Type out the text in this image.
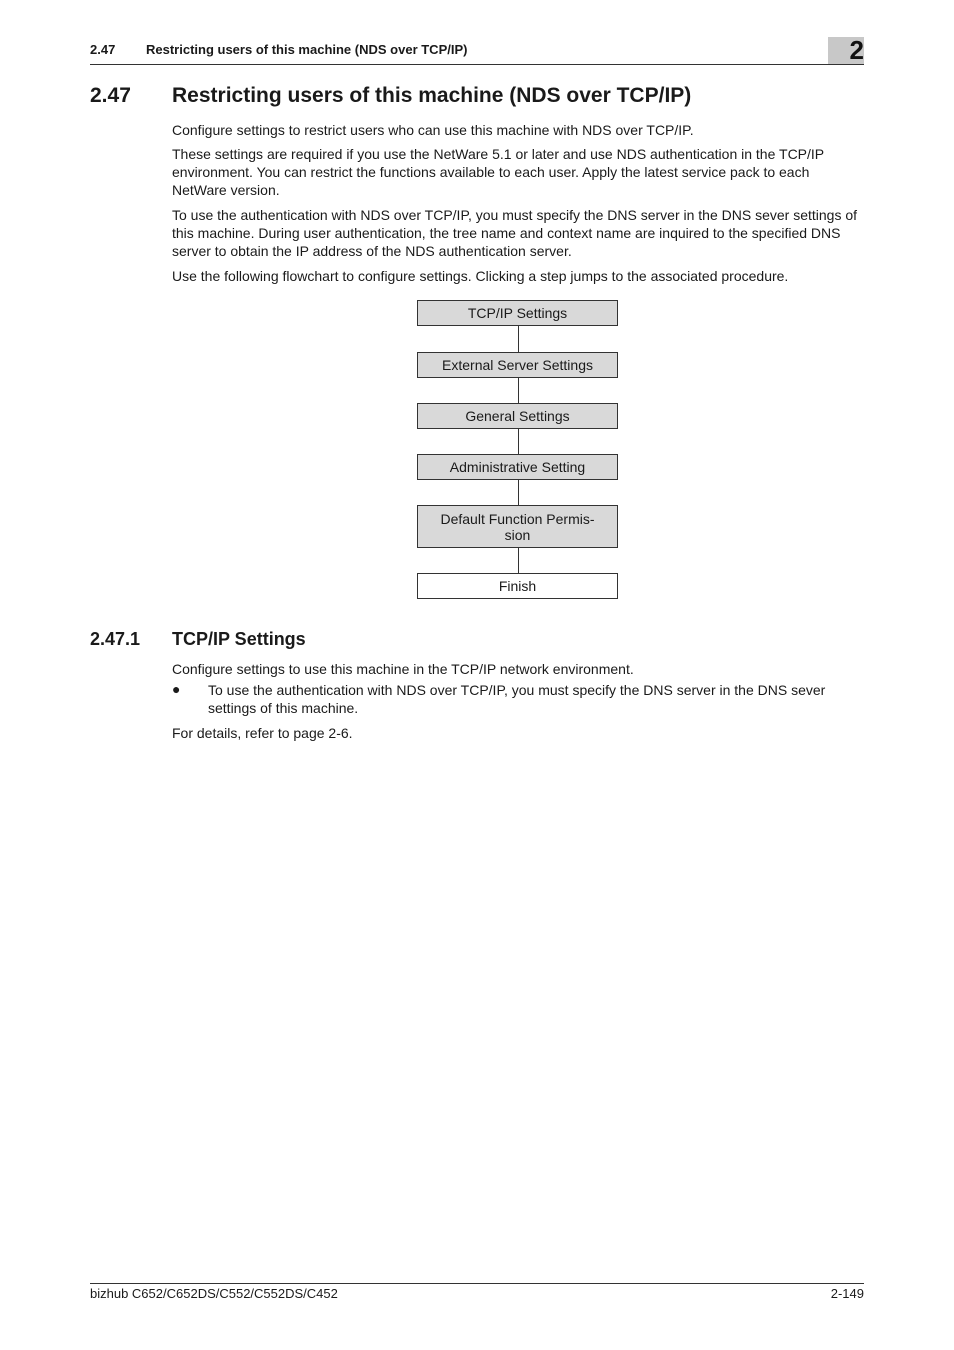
2.47 Restricting users of this machine (NDS over TCP/IP)	2
2.47 Restricting users of this machine (NDS over TCP/IP)

Configure settings to restrict users who can use this machine with NDS over TCP/IP.

These settings are required if you use the NetWare 5.1 or later and use NDS authentication in the TCP/IP environment. You can restrict the functions available to each user. Apply the latest service pack to each NetWare version.

To use the authentication with NDS over TCP/IP, you must specify the DNS server in the DNS sever settings of this machine. During user authentication, the tree name and context name are inquired to the specified DNS server to obtain the IP address of the NDS authentication server.

Use the following flowchart to configure settings. Clicking a step jumps to the associated procedure.

TCP/IP Settings
External Server Settings
General Settings
Administrative Setting
Default Function Permis-
sion
Finish
2.47.1 TCP/IP Settings

Configure settings to use this machine in the TCP/IP network environment.

● To use the authentication with NDS over TCP/IP, you must specify the DNS server in the DNS sever settings of this machine.

For details, refer to page 2-6.

bizhub C652/C652DS/C552/C552DS/C452	2-149
